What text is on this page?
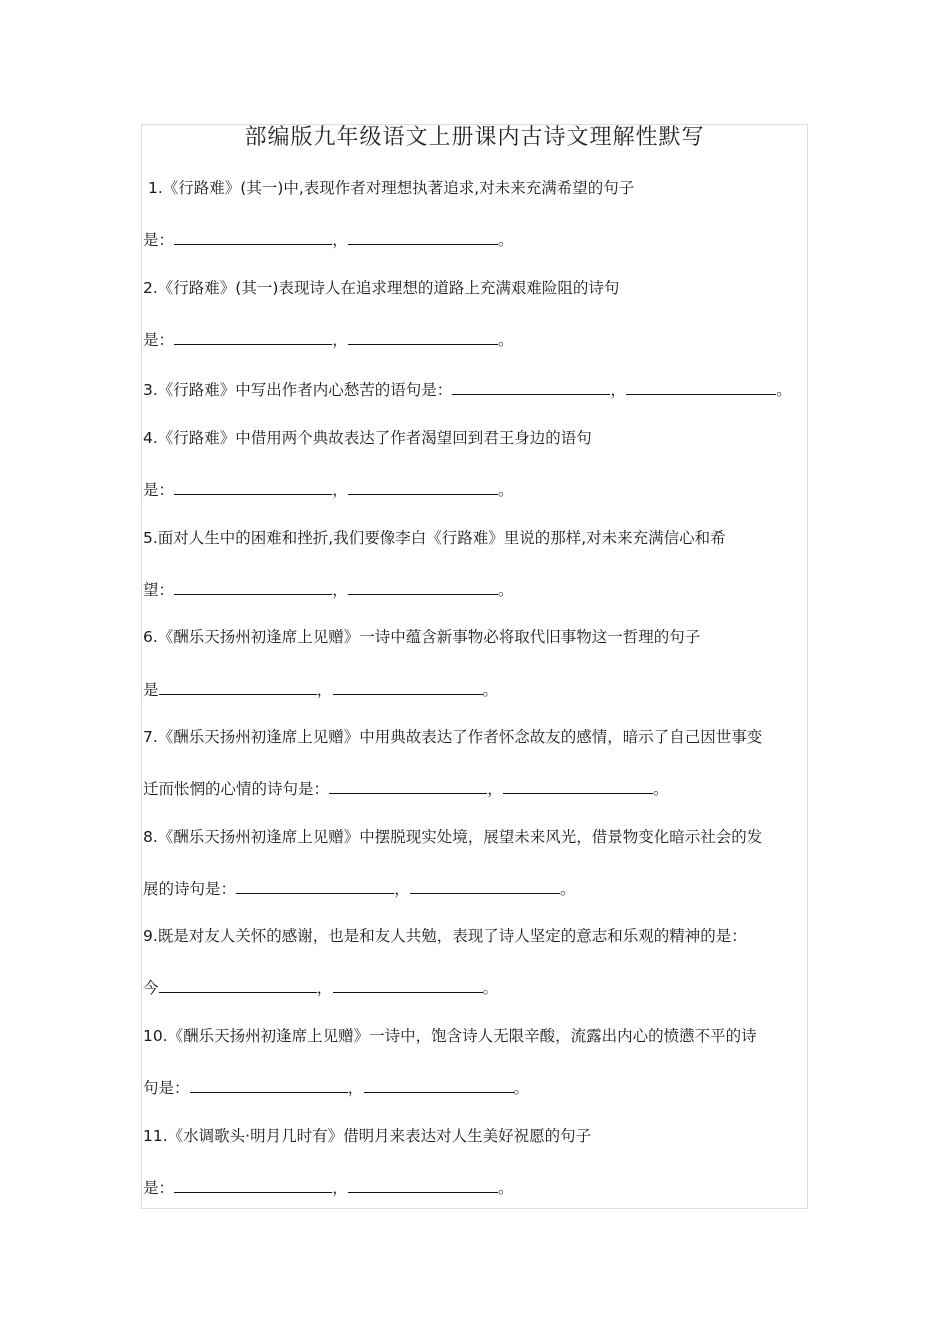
部编版九年级语文上册课内古诗文理解性默写
1.《行路难》(其一)中,表现作者对理想执著追求,对未来充满希望的句子
是：	，	。
2.《行路难》(其一)表现诗人在追求理想的道路上充满艰难险阻的诗句
是：	，	。
3.《行路难》中写出作者内心愁苦的语句是：	，	。
4.《行路难》中借用两个典故表达了作者渴望回到君王身边的语句
是：	，	。
5.面对人生中的困难和挫折,我们要像李白《行路难》里说的那样,对未来充满信心和希
望：	，	。
6.《酬乐天扬州初逢席上见赠》一诗中蕴含新事物必将取代旧事物这一哲理的句子
是	，	。
7.《酬乐天扬州初逢席上见赠》中用典故表达了作者怀念故友的感情，暗示了自己因世事变
迁而怅惘的心情的诗句是：	，	。
8.《酬乐天扬州初逢席上见赠》中摆脱现实处境，展望未来风光，借景物变化暗示社会的发
展的诗句是：	，	。
9.既是对友人关怀的感谢，也是和友人共勉，表现了诗人坚定的意志和乐观的精神的是：
今	，	。
10.《酬乐天扬州初逢席上见赠》一诗中，饱含诗人无限辛酸，流露出内心的愤懑不平的诗
句是：	，	。
11.《水调歌头·明月几时有》借明月来表达对人生美好祝愿的句子
是：	，	。
